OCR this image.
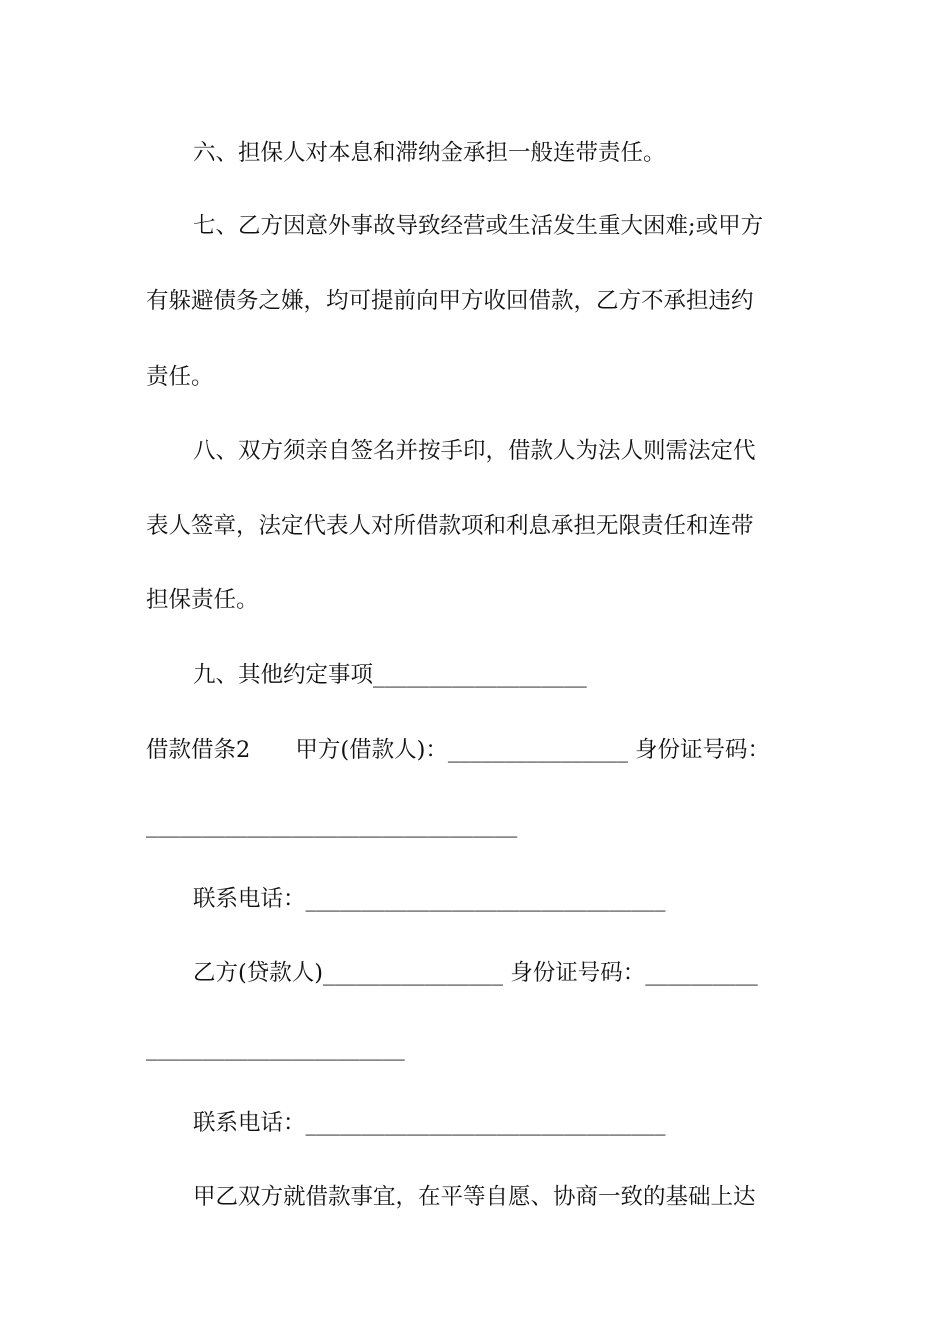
六、担保人对本息和滞纳金承担一般连带责任。
七、乙方因意外事故导致经营或生活发生重大困难;或甲方
有躲避债务之嫌，均可提前向甲方收回借款，乙方不承担违约
责任。
八、双方须亲自签名并按手印，借款人为法人则需法定代
表人签章，法定代表人对所借款项和利息承担无限责任和连带
担保责任。
九、其他约定事项___________________
借款借条2　　甲方(借款人)：________________ 身份证号码：
_________________________________
联系电话：________________________________
乙方(贷款人)________________ 身份证号码：__________
_______________________
联系电话：________________________________
甲乙双方就借款事宜，在平等自愿、协商一致的基础上达
